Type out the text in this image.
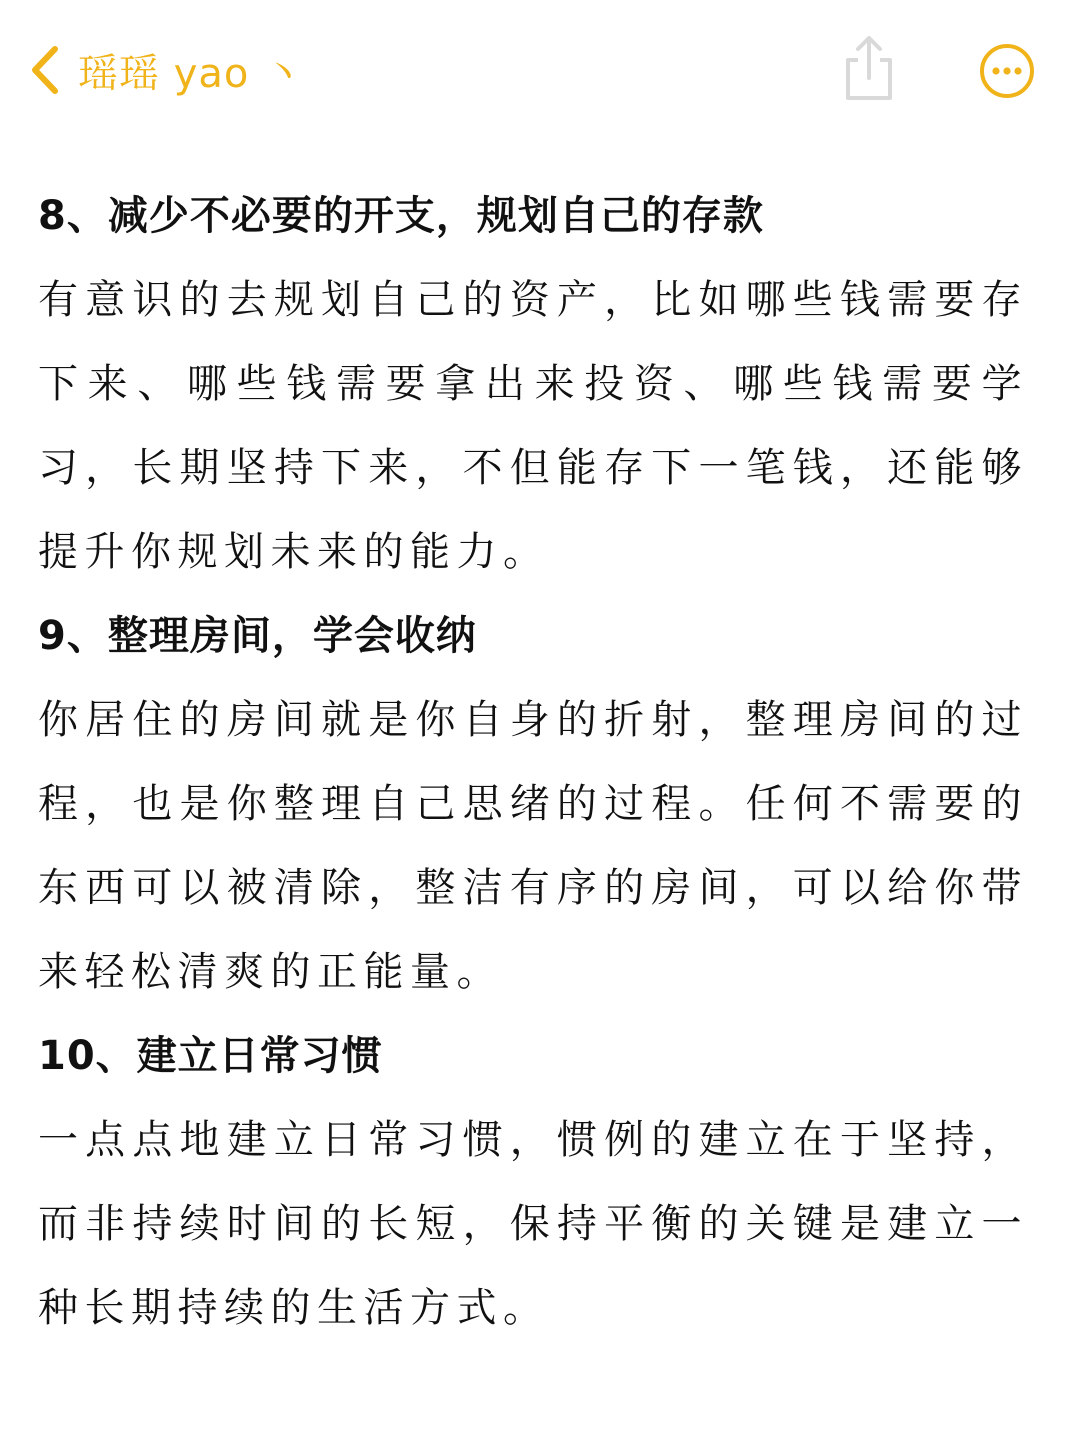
瑶瑶 yao 丶
8、减少不必要的开支，规划自己的存款
有意识的去规划自己的资产，比如哪些钱需要存下来、哪些钱需要拿出来投资、哪些钱需要学习，长期坚持下来，不但能存下一笔钱，还能够提升你规划未来的能力。
9、整理房间，学会收纳
你居住的房间就是你自身的折射，整理房间的过程，也是你整理自己思绪的过程。任何不需要的东西可以被清除，整洁有序的房间，可以给你带来轻松清爽的正能量。
10、建立日常习惯
一点点地建立日常习惯，惯例的建立在于坚持，而非持续时间的长短，保持平衡的关键是建立一种长期持续的生活方式。
